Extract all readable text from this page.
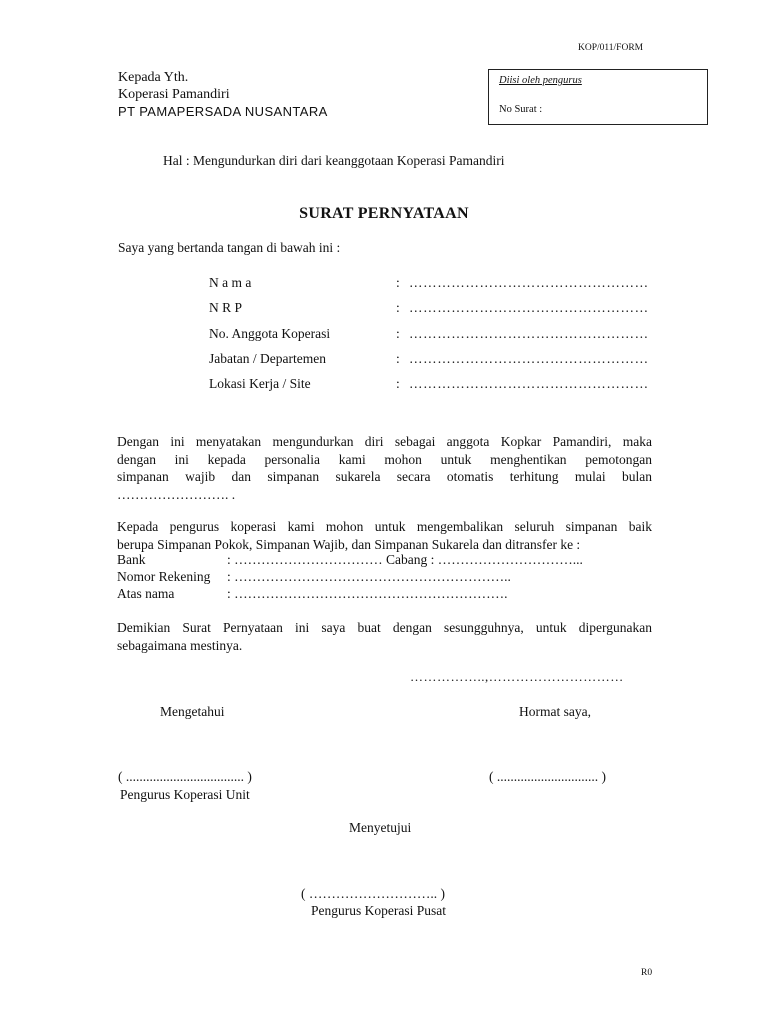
KOP/011/FORM
Kepada Yth.
Koperasi Pamandiri
PT PAMAPERSADA NUSANTARA
Diisi oleh pengurus
No Surat :
Hal : Mengundurkan diri dari keanggotaan Koperasi Pamandiri
SURAT PERNYATAAN
Saya yang bertanda tangan di bawah ini :
N a m a	: ……………………………………………
N R P	: ……………………………………………
No. Anggota Koperasi	: ……………………………………………
Jabatan / Departemen	: ……………………………………………
Lokasi Kerja / Site	: ……………………………………………
Dengan ini menyatakan mengundurkan diri sebagai anggota Kopkar Pamandiri, maka
dengan ini kepada personalia kami mohon untuk menghentikan pemotongan
simpanan wajib dan simpanan sukarela secara otomatis terhitung mulai bulan
……………………. .
Kepada pengurus koperasi kami mohon untuk mengembalikan seluruh simpanan baik
berupa Simpanan Pokok, Simpanan Wajib, dan Simpanan Sukarela dan ditransfer ke :
Bank	: …………………………… Cabang : …………………………...
Nomor Rekening : ……………………………………………………..
Atas nama	: …………………………………………………….
Demikian Surat Pernyataan ini saya buat dengan sesungguhnya, untuk dipergunakan
sebagaimana mestinya.
……………..,…………………………
Mengetahui	Hormat saya,
( ................................... )	( .............................. )
Pengurus Koperasi Unit
Menyetujui
( ……………………….. )
Pengurus Koperasi Pusat
R0
